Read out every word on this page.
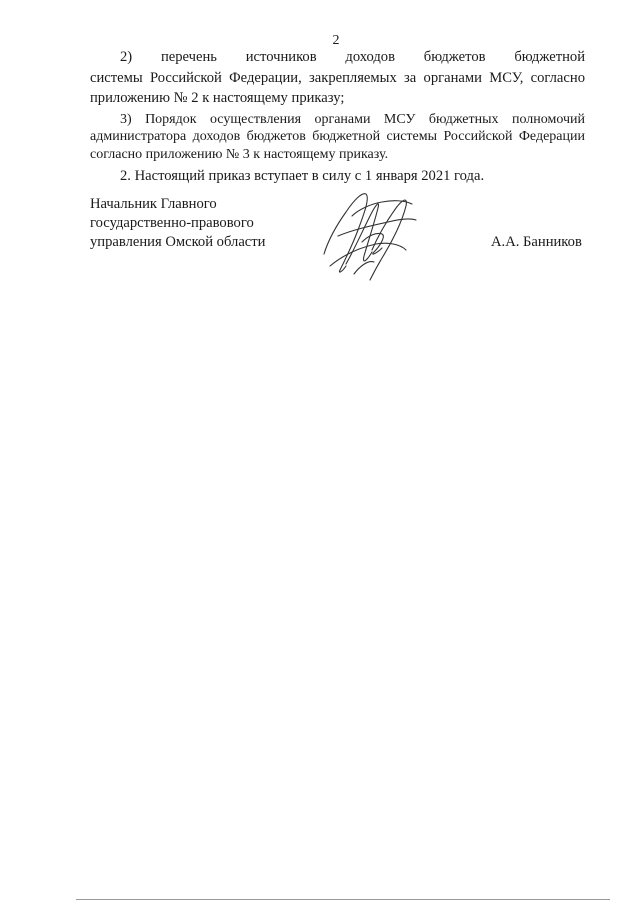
2

2) перечень источников доходов бюджетов бюджетной
системы Российской Федерации, закрепляемых за органами МСУ, согласно приложению № 2 к настоящему приказу;

3) Порядок осуществления органами МСУ бюджетных полномочий администратора доходов бюджетов бюджетной системы Российской Федерации согласно приложению № 3 к настоящему приказу.

2. Настоящий приказ вступает в силу с 1 января 2021 года.

Начальник Главного
государственно-правового
управления Омской области	А.А. Банников
